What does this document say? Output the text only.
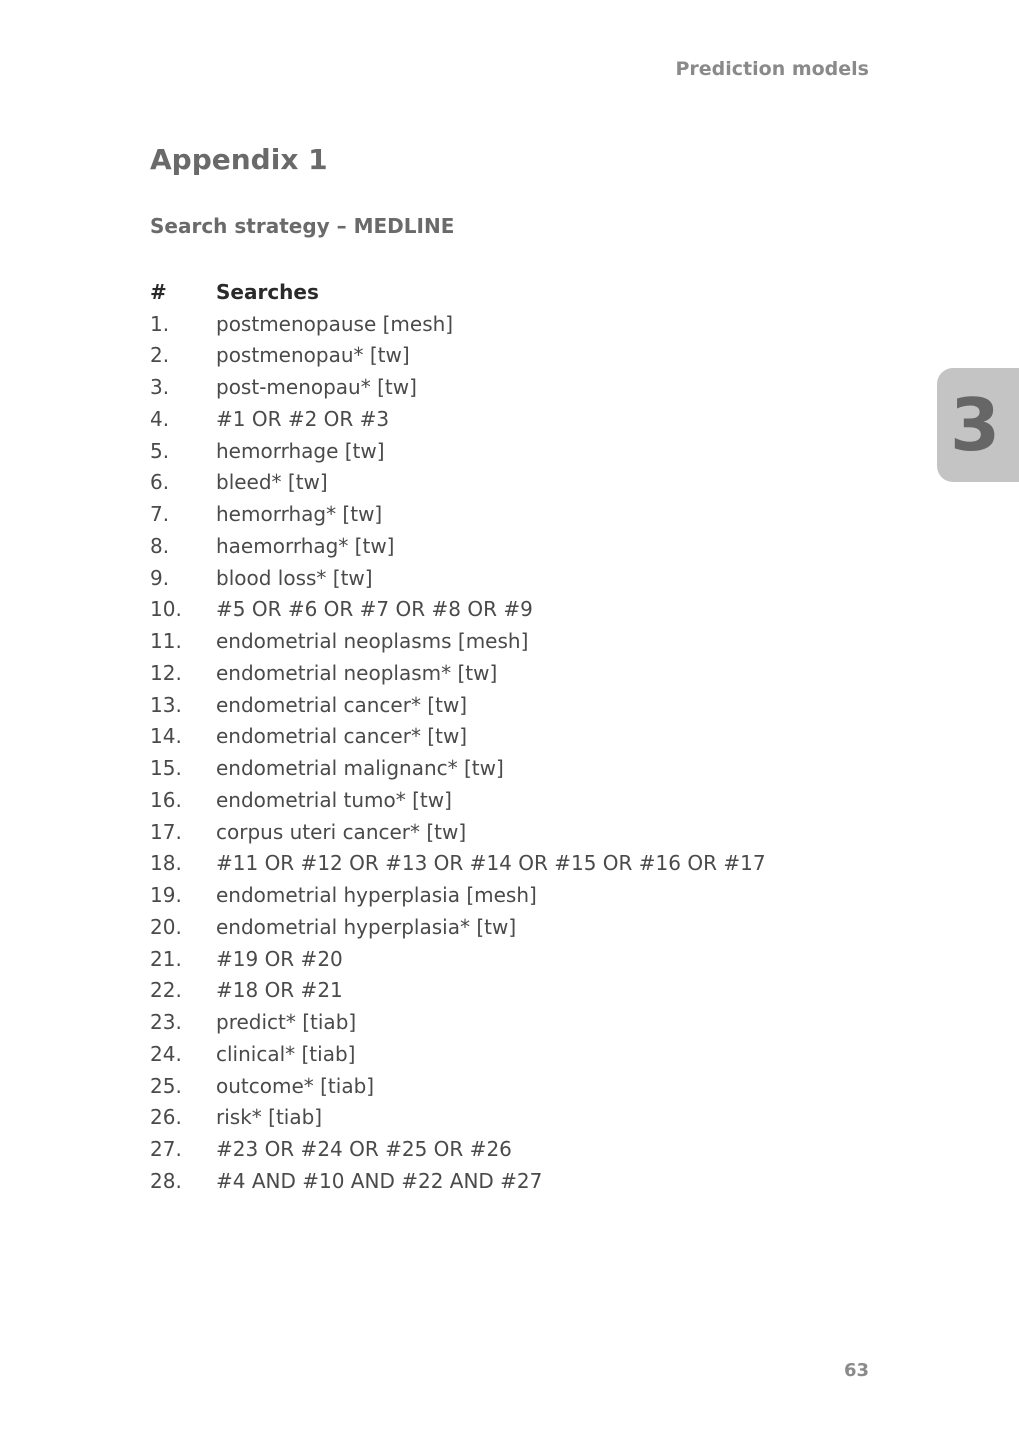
Prediction models
Appendix 1
Search strategy – MEDLINE
#	Searches
1.	postmenopause [mesh]
2.	postmenopau* [tw]
3.	post-menopau* [tw]
4.	#1 OR #2 OR #3
5.	hemorrhage [tw]
6.	bleed* [tw]
7.	hemorrhag* [tw]
8.	haemorrhag* [tw]
9.	blood loss* [tw]
10.	#5 OR #6 OR #7 OR #8 OR #9
11.	endometrial neoplasms [mesh]
12.	endometrial neoplasm* [tw]
13.	endometrial cancer* [tw]
14.	endometrial cancer* [tw]
15.	endometrial malignanc* [tw]
16.	endometrial tumo* [tw]
17.	corpus uteri cancer* [tw]
18.	#11 OR #12 OR #13 OR #14 OR #15 OR #16 OR #17
19.	endometrial hyperplasia [mesh]
20.	endometrial hyperplasia* [tw]
21.	#19 OR #20
22.	#18 OR #21
23.	predict* [tiab]
24.	clinical* [tiab]
25.	outcome* [tiab]
26.	risk* [tiab]
27.	#23 OR #24 OR #25 OR #26
28.	#4 AND #10 AND #22 AND #27
3
63
